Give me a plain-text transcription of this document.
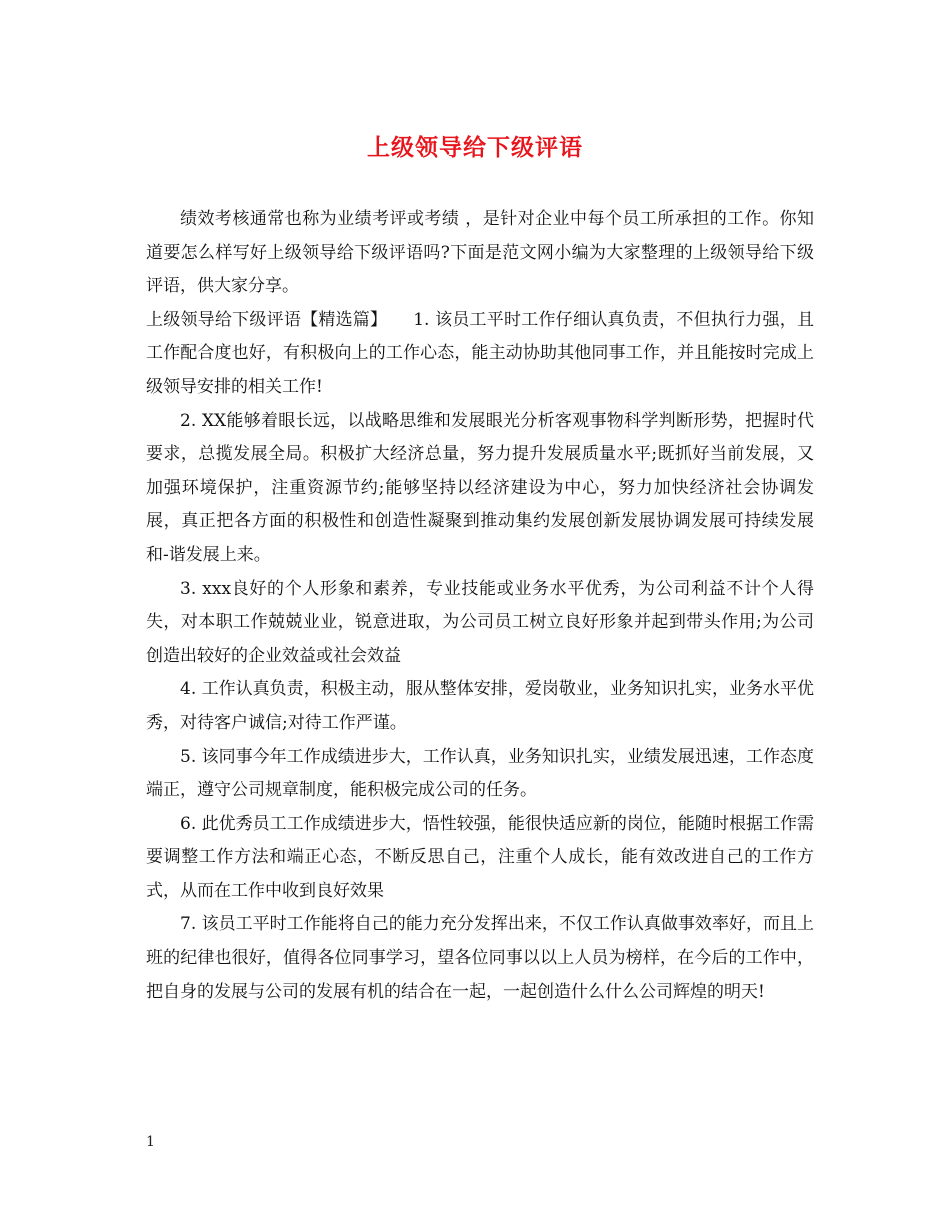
上级领导给下级评语

绩效考核通常也称为业绩考评或考绩 ，是针对企业中每个员工所承担的工作。你知道要怎么样写好上级领导给下级评语吗?下面是范文网小编为大家整理的上级领导给下级评语，供大家分享。

上级领导给下级评语【精选篇】　　1. 该员工平时工作仔细认真负责，不但执行力强，且工作配合度也好，有积极向上的工作心态，能主动协助其他同事工作，并且能按时完成上级领导安排的相关工作!

2. XX能够着眼长远，以战略思维和发展眼光分析客观事物科学判断形势，把握时代要求，总揽发展全局。积极扩大经济总量，努力提升发展质量水平;既抓好当前发展，又加强环境保护，注重资源节约;能够坚持以经济建设为中心，努力加快经济社会协调发展，真正把各方面的积极性和创造性凝聚到推动集约发展创新发展协调发展可持续发展和-谐发展上来。

3. xxx良好的个人形象和素养，专业技能或业务水平优秀，为公司利益不计个人得失，对本职工作兢兢业业，锐意进取，为公司员工树立良好形象并起到带头作用;为公司创造出较好的企业效益或社会效益

4. 工作认真负责，积极主动，服从整体安排，爱岗敬业，业务知识扎实，业务水平优秀，对待客户诚信;对待工作严谨。

5. 该同事今年工作成绩进步大，工作认真，业务知识扎实，业绩发展迅速，工作态度端正，遵守公司规章制度，能积极完成公司的任务。

6. 此优秀员工工作成绩进步大，悟性较强，能很快适应新的岗位，能随时根据工作需要调整工作方法和端正心态，不断反思自己，注重个人成长，能有效改进自己的工作方式，从而在工作中收到良好效果

7. 该员工平时工作能将自己的能力充分发挥出来，不仅工作认真做事效率好，而且上班的纪律也很好，值得各位同事学习，望各位同事以以上人员为榜样，在今后的工作中，把自身的发展与公司的发展有机的结合在一起，一起创造什么什么公司辉煌的明天!

1
